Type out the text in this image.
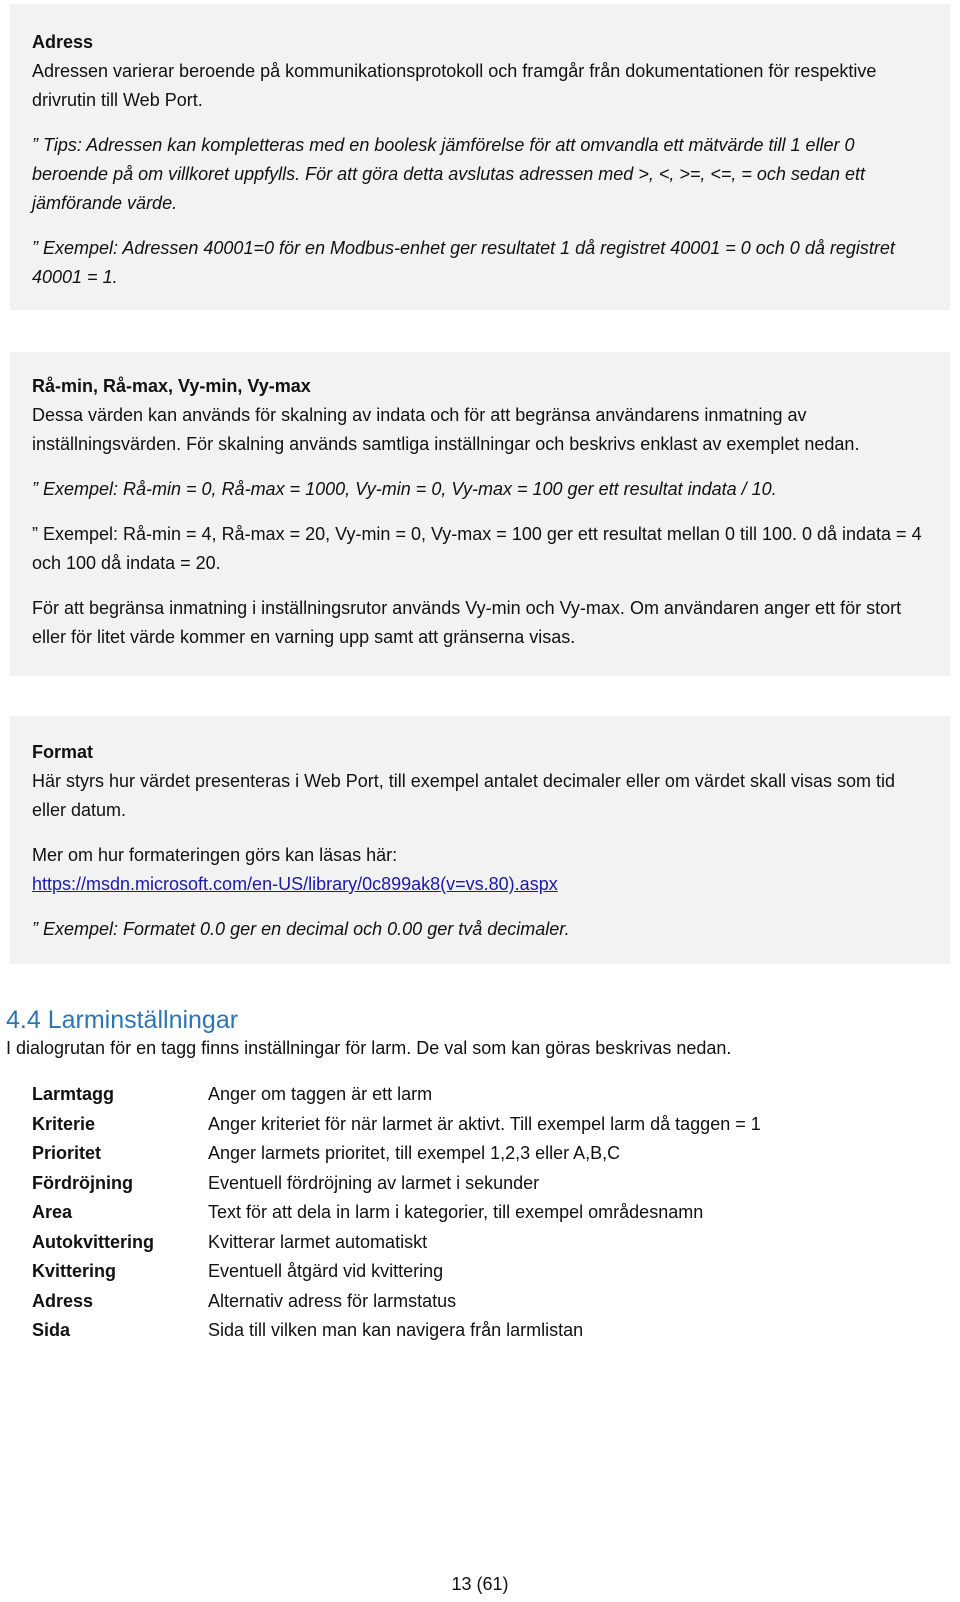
Adress

Adressen varierar beroende på kommunikationsprotokoll och framgår från dokumentationen för respektive drivrutin till Web Port.

” Tips: Adressen kan kompletteras med en boolesk jämförelse för att omvandla ett mätvärde till 1 eller 0 beroende på om villkoret uppfylls. För att göra detta avslutas adressen med >, <, >=, <=, = och sedan ett jämförande värde.

” Exempel: Adressen 40001=0 för en Modbus-enhet ger resultatet 1 då registret 40001 = 0 och 0 då registret 40001 = 1.

Rå-min, Rå-max, Vy-min, Vy-max

Dessa värden kan används för skalning av indata och för att begränsa användarens inmatning av inställningsvärden. För skalning används samtliga inställningar och beskrivs enklast av exemplet nedan.

” Exempel: Rå-min = 0, Rå-max = 1000, Vy-min = 0, Vy-max = 100 ger ett resultat indata / 10.

” Exempel: Rå-min = 4, Rå-max = 20, Vy-min = 0, Vy-max = 100 ger ett resultat mellan 0 till 100. 0 då indata = 4 och 100 då indata = 20.

För att begränsa inmatning i inställningsrutor används Vy-min och Vy-max. Om användaren anger ett för stort eller för litet värde kommer en varning upp samt att gränserna visas.

Format

Här styrs hur värdet presenteras i Web Port, till exempel antalet decimaler eller om värdet skall visas som tid eller datum.

Mer om hur formateringen görs kan läsas här:

https://msdn.microsoft.com/en-US/library/0c899ak8(v=vs.80).aspx

” Exempel: Formatet 0.0 ger en decimal och 0.00 ger två decimaler.

4.4 Larminställningar

I dialogrutan för en tagg finns inställningar för larm. De val som kan göras beskrivas nedan.

Larmtagg	Anger om taggen är ett larm
Kriterie	Anger kriteriet för när larmet är aktivt. Till exempel larm då taggen = 1
Prioritet	Anger larmets prioritet, till exempel 1,2,3 eller A,B,C
Fördröjning	Eventuell fördröjning av larmet i sekunder
Area	Text för att dela in larm i kategorier, till exempel områdesnamn
Autokvittering	Kvitterar larmet automatiskt
Kvittering	Eventuell åtgärd vid kvittering
Adress	Alternativ adress för larmstatus
Sida	Sida till vilken man kan navigera från larmlistan

13 (61)
